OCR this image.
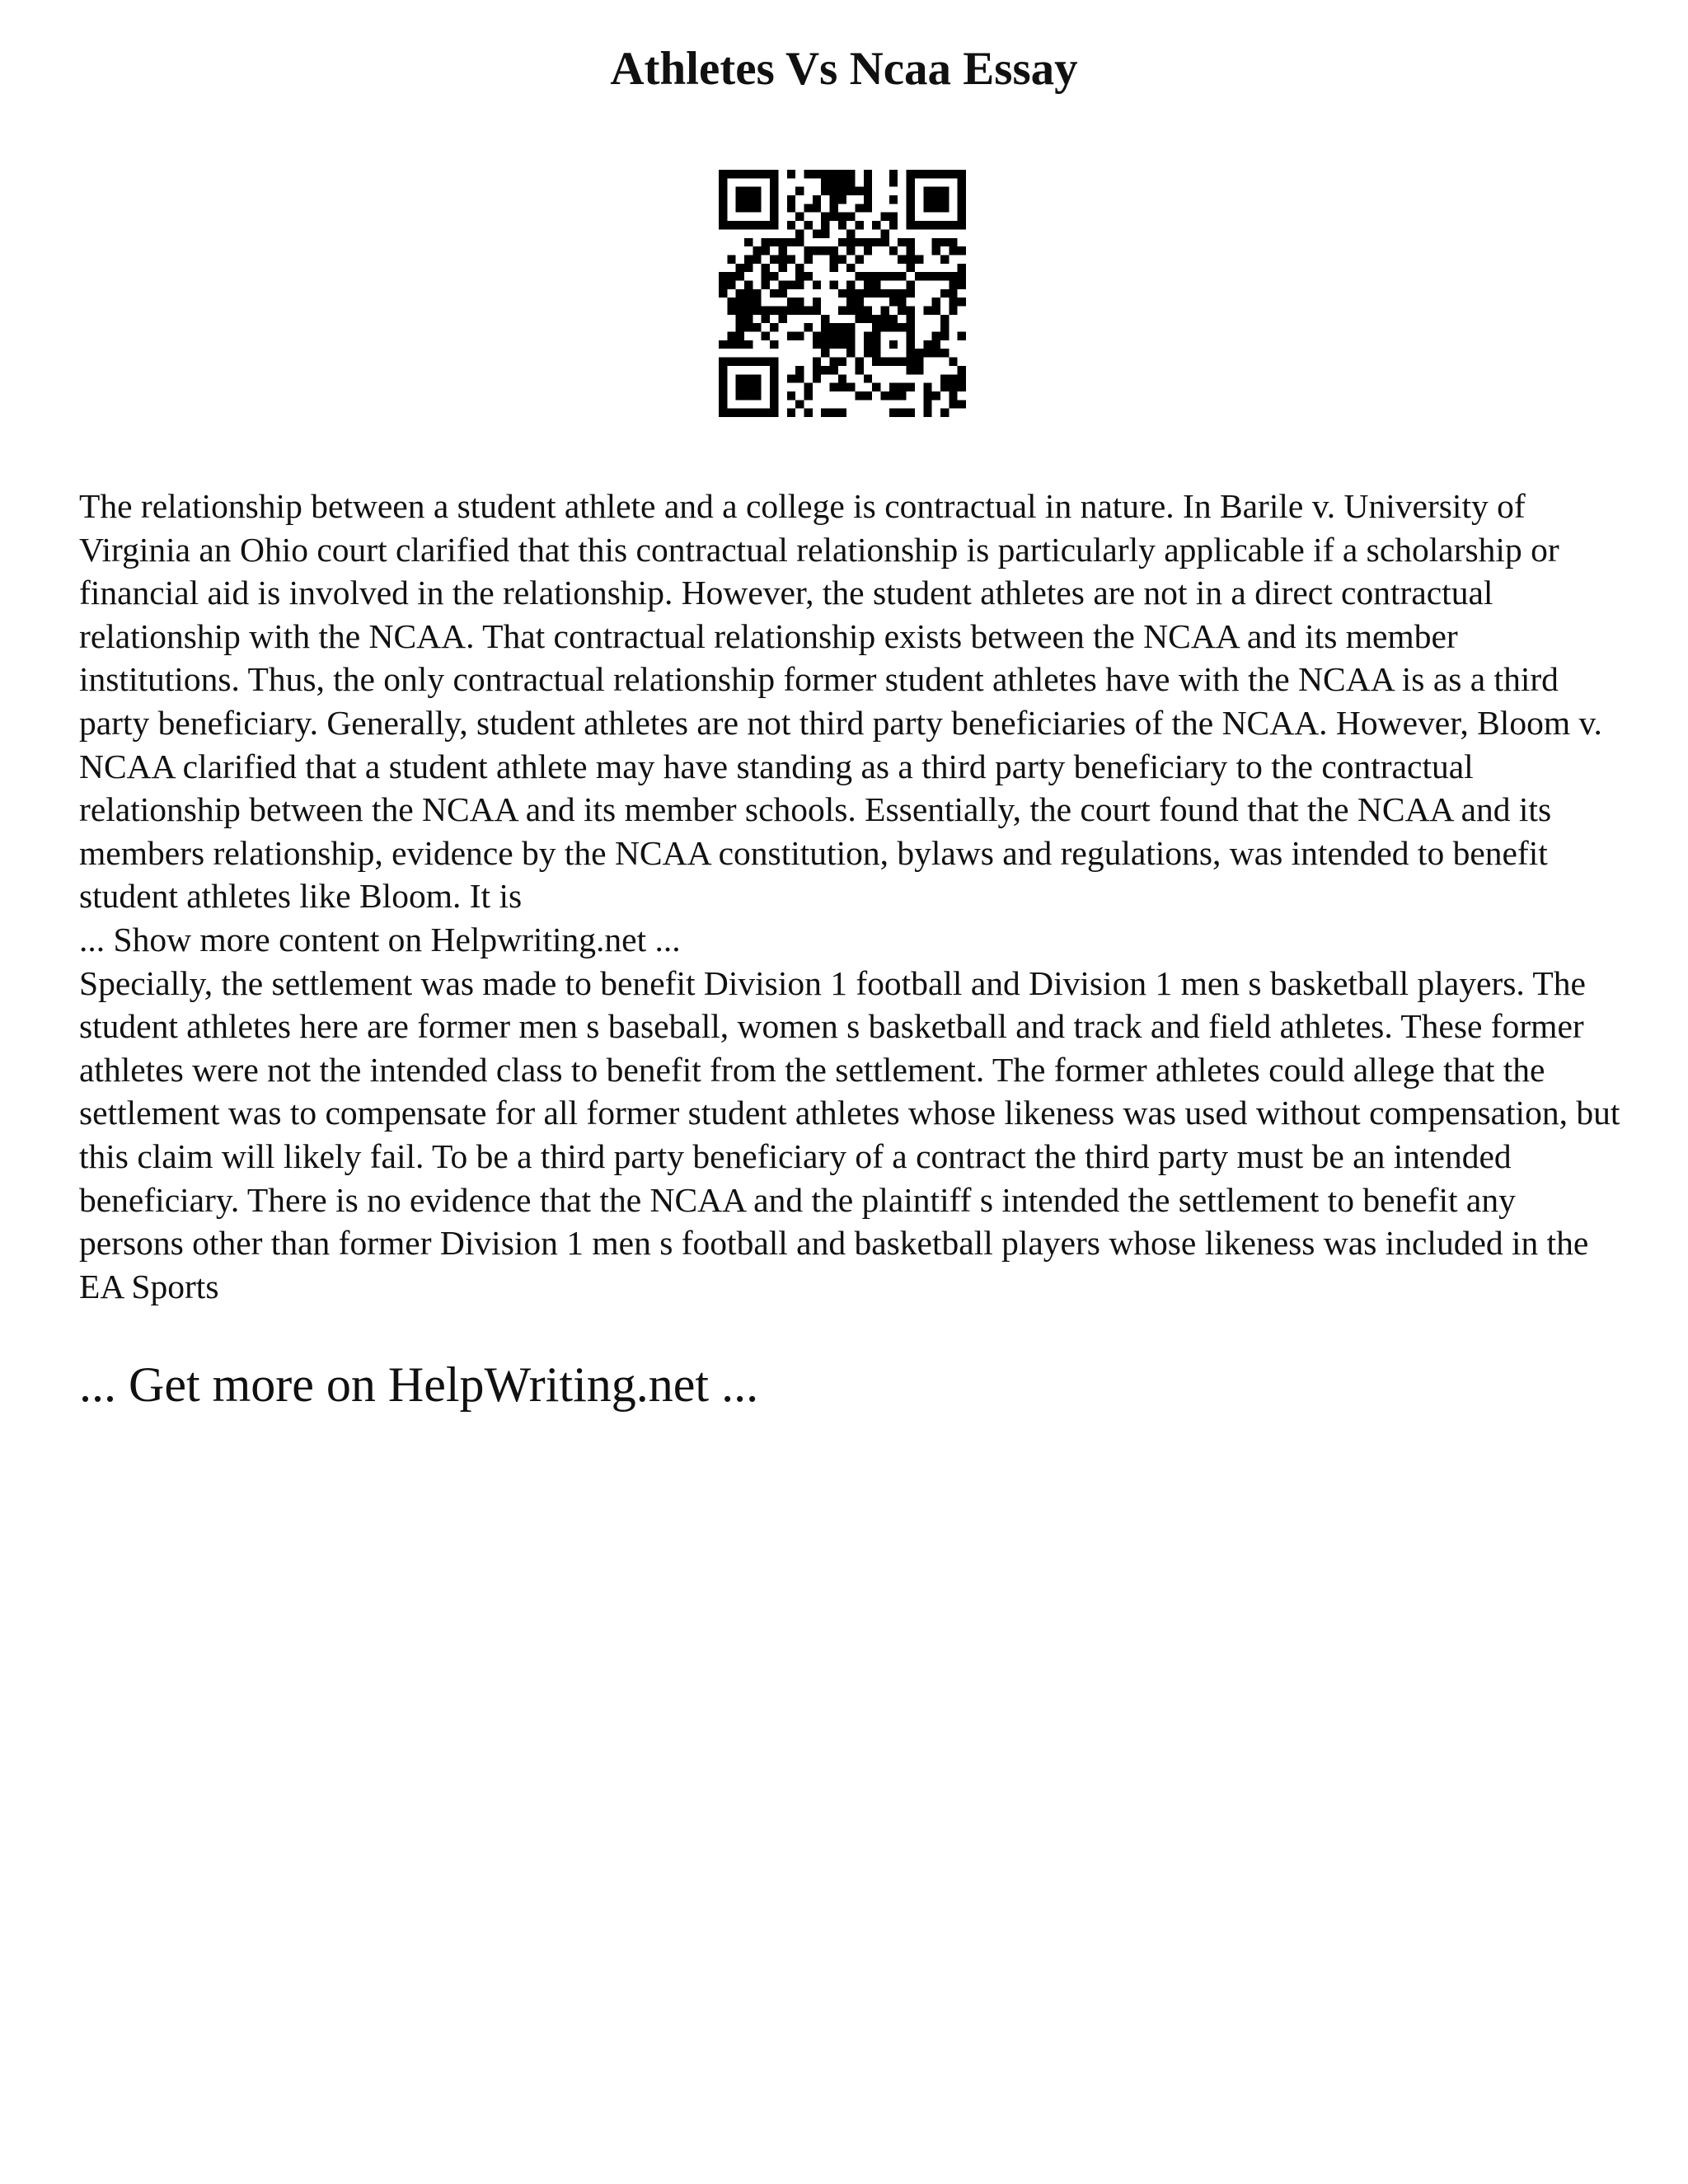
Athletes Vs Ncaa Essay

The relationship between a student athlete and a college is contractual in nature. In Barile v. University of Virginia an Ohio court clarified that this contractual relationship is particularly applicable if a scholarship or financial aid is involved in the relationship. However, the student athletes are not in a direct contractual relationship with the NCAA. That contractual relationship exists between the NCAA and its member institutions. Thus, the only contractual relationship former student athletes have with the NCAA is as a third party beneficiary. Generally, student athletes are not third party beneficiaries of the NCAA. However, Bloom v. NCAA clarified that a student athlete may have standing as a third party beneficiary to the contractual relationship between the NCAA and its member schools. Essentially, the court found that the NCAA and its members relationship, evidence by the NCAA constitution, bylaws and regulations, was intended to benefit student athletes like Bloom. It is

... Show more content on Helpwriting.net ...

Specially, the settlement was made to benefit Division 1 football and Division 1 men s basketball players. The student athletes here are former men s baseball, women s basketball and track and field athletes. These former athletes were not the intended class to benefit from the settlement. The former athletes could allege that the settlement was to compensate for all former student athletes whose likeness was used without compensation, but this claim will likely fail. To be a third party beneficiary of a contract the third party must be an intended beneficiary. There is no evidence that the NCAA and the plaintiff s intended the settlement to benefit any persons other than former Division 1 men s football and basketball players whose likeness was included in the EA Sports

... Get more on HelpWriting.net ...
